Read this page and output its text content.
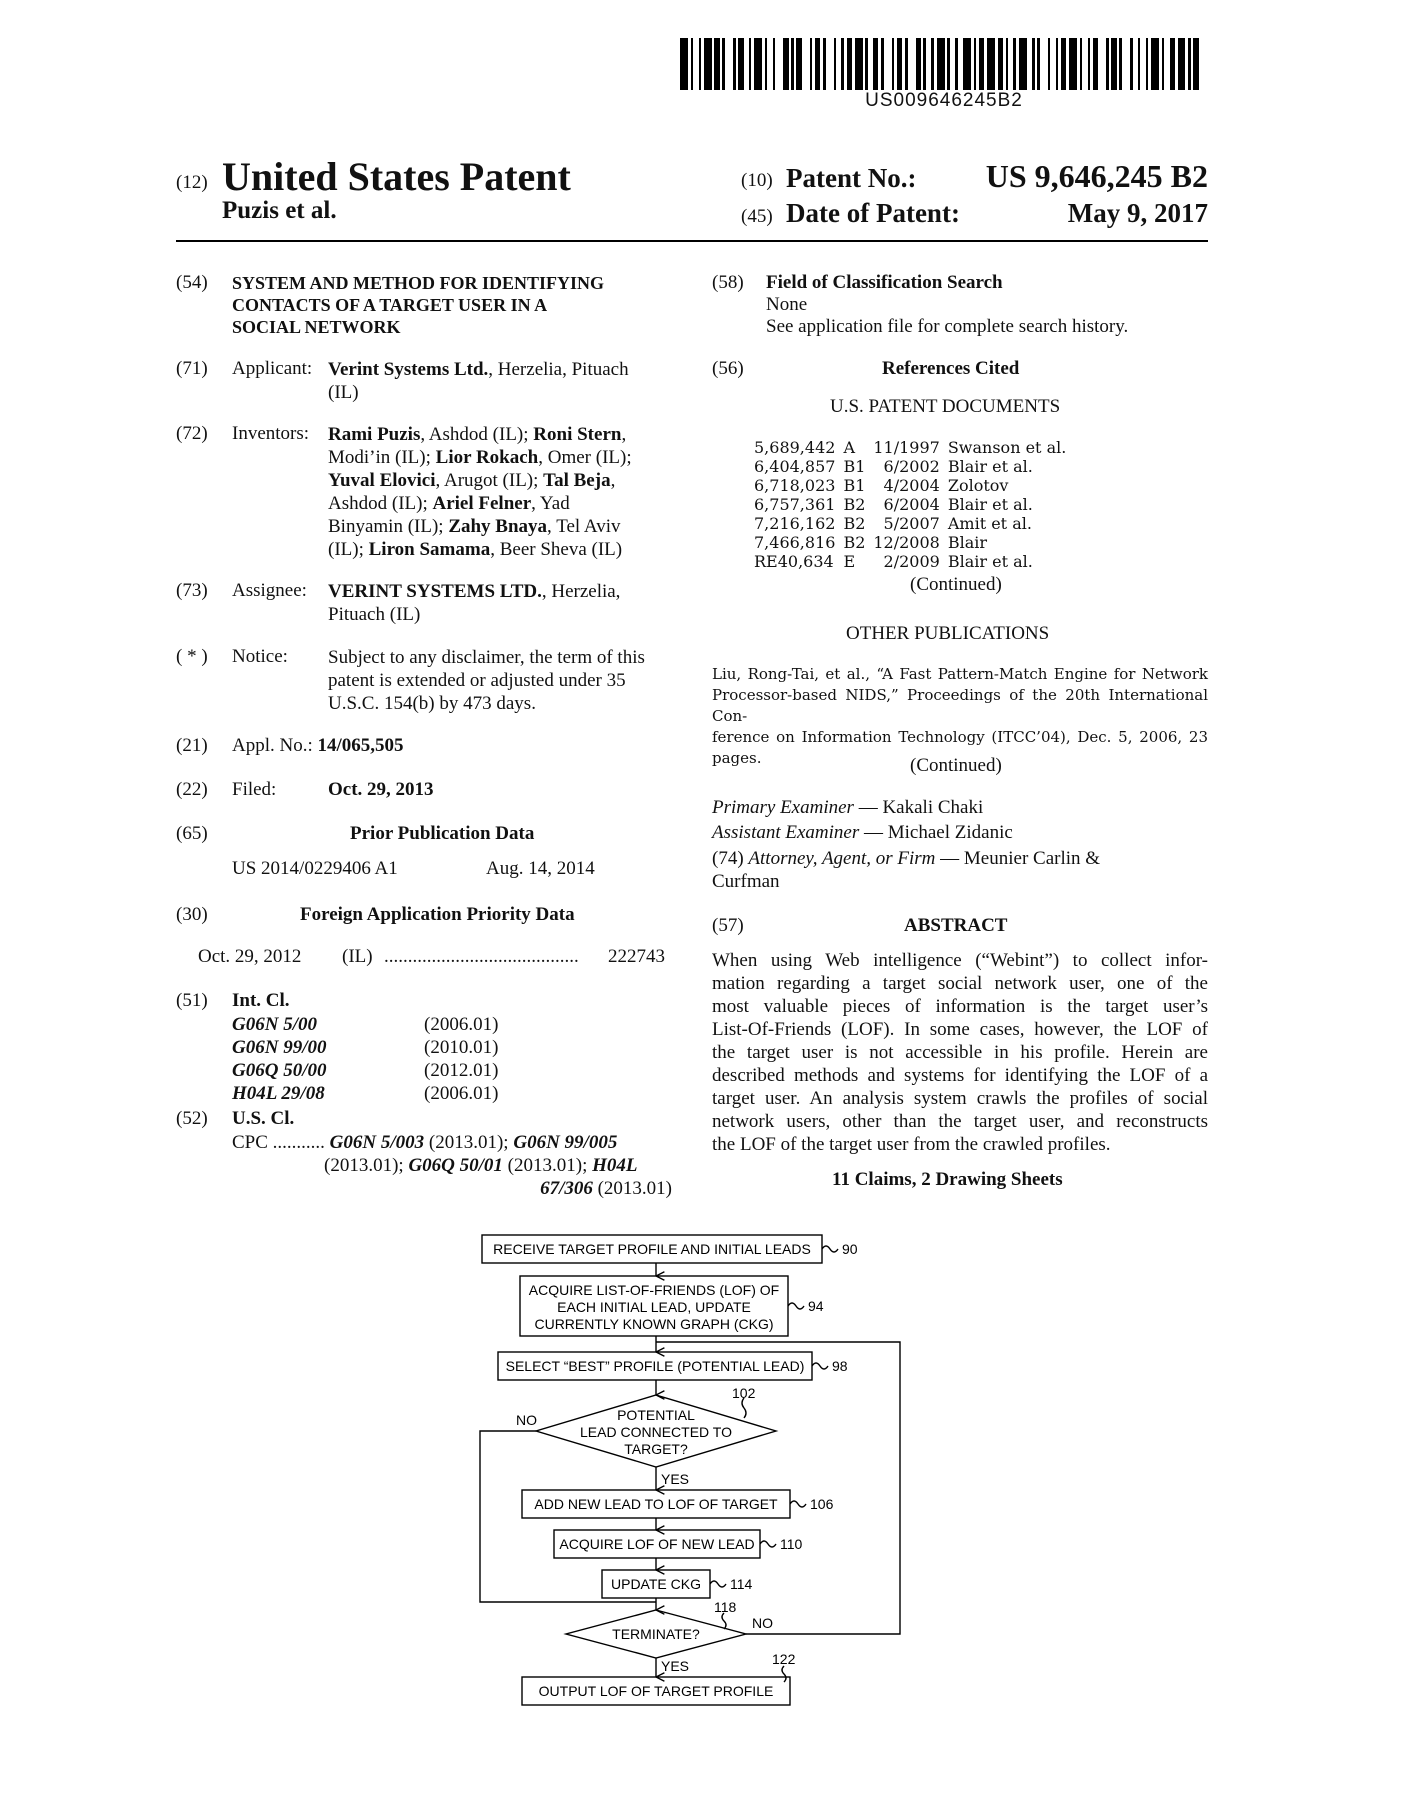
US009646245B2
(12) United States Patent
Puzis et al.
(10) Patent No.: US 9,646,245 B2
(45) Date of Patent:	May 9, 2017
(54) SYSTEM AND METHOD FOR IDENTIFYING
CONTACTS OF A TARGET USER IN A
SOCIAL NETWORK
(71) Applicant: Verint Systems Ltd., Herzelia, Pituach
(IL)
(72) Inventors: Rami Puzis, Ashdod (IL); Roni Stern,
Modi’in (IL); Lior Rokach, Omer (IL);
Yuval Elovici, Arugot (IL); Tal Beja,
Ashdod (IL); Ariel Felner, Yad
Binyamin (IL); Zahy Bnaya, Tel Aviv
(IL); Liron Samama, Beer Sheva (IL)
(73) Assignee: VERINT SYSTEMS LTD., Herzelia,
Pituach (IL)
( * ) Notice: Subject to any disclaimer, the term of this
patent is extended or adjusted under 35
U.S.C. 154(b) by 473 days.
(21) Appl. No.: 14/065,505
(22) Filed:	Oct. 29, 2013
(65)	Prior Publication Data
US 2014/0229406 A1	Aug. 14, 2014
(30)	Foreign Application Priority Data
Oct. 29, 2012 (IL) ......................................... 222743
(51) Int. Cl.
G06N 5/00	(2006.01)
G06N 99/00	(2010.01)
G06Q 50/00	(2012.01)
H04L 29/08	(2006.01)
(52) U.S. Cl.
CPC ........... G06N 5/003 (2013.01); G06N 99/005
(2013.01); G06Q 50/01 (2013.01); H04L
67/306 (2013.01)
(58) Field of Classification Search
None
See application file for complete search history.
(56)	References Cited
U.S. PATENT DOCUMENTS
5,689,442	A	11/1997	Swanson et al.
6,404,857	B1	6/2002	Blair et al.
6,718,023	B1	4/2004	Zolotov
6,757,361	B2	6/2004	Blair et al.
7,216,162	B2	5/2007	Amit et al.
7,466,816	B2	12/2008	Blair
RE40,634	E	2/2009	Blair et al.
(Continued)
OTHER PUBLICATIONS
Liu, Rong-Tai, et al., “A Fast Pattern-Match Engine for Network
Processor-based NIDS,” Proceedings of the 20th International Con-
ference on Information Technology (ITCC’04), Dec. 5, 2006, 23
pages.	(Continued)
Primary Examiner — Kakali Chaki
Assistant Examiner — Michael Zidanic
(74) Attorney, Agent, or Firm — Meunier Carlin &
Curfman
(57)	ABSTRACT
When using Web intelligence (“Webint”) to collect infor-
mation regarding a target social network user, one of the
most valuable pieces of information is the target user’s
List-Of-Friends (LOF). In some cases, however, the LOF of
the target user is not accessible in his profile. Herein are
described methods and systems for identifying the LOF of a
target user. An analysis system crawls the profiles of social
network users, other than the target user, and reconstructs
the LOF of the target user from the crawled profiles.
11 Claims, 2 Drawing Sheets
RECEIVE TARGET PROFILE AND INITIAL LEADS 90
ACQUIRE LIST-OF-FRIENDS (LOF) OF
EACH INITIAL LEAD, UPDATE
CURRENTLY KNOWN GRAPH (CKG)
94
SELECT “BEST” PROFILE (POTENTIAL LEAD) 98
POTENTIAL
LEAD CONNECTED TO
TARGET?
102
NO
YES
ADD NEW LEAD TO LOF OF TARGET 106
ACQUIRE LOF OF NEW LEAD 110
UPDATE CKG 114
TERMINATE?
118
NO
YES
OUTPUT LOF OF TARGET PROFILE
122
